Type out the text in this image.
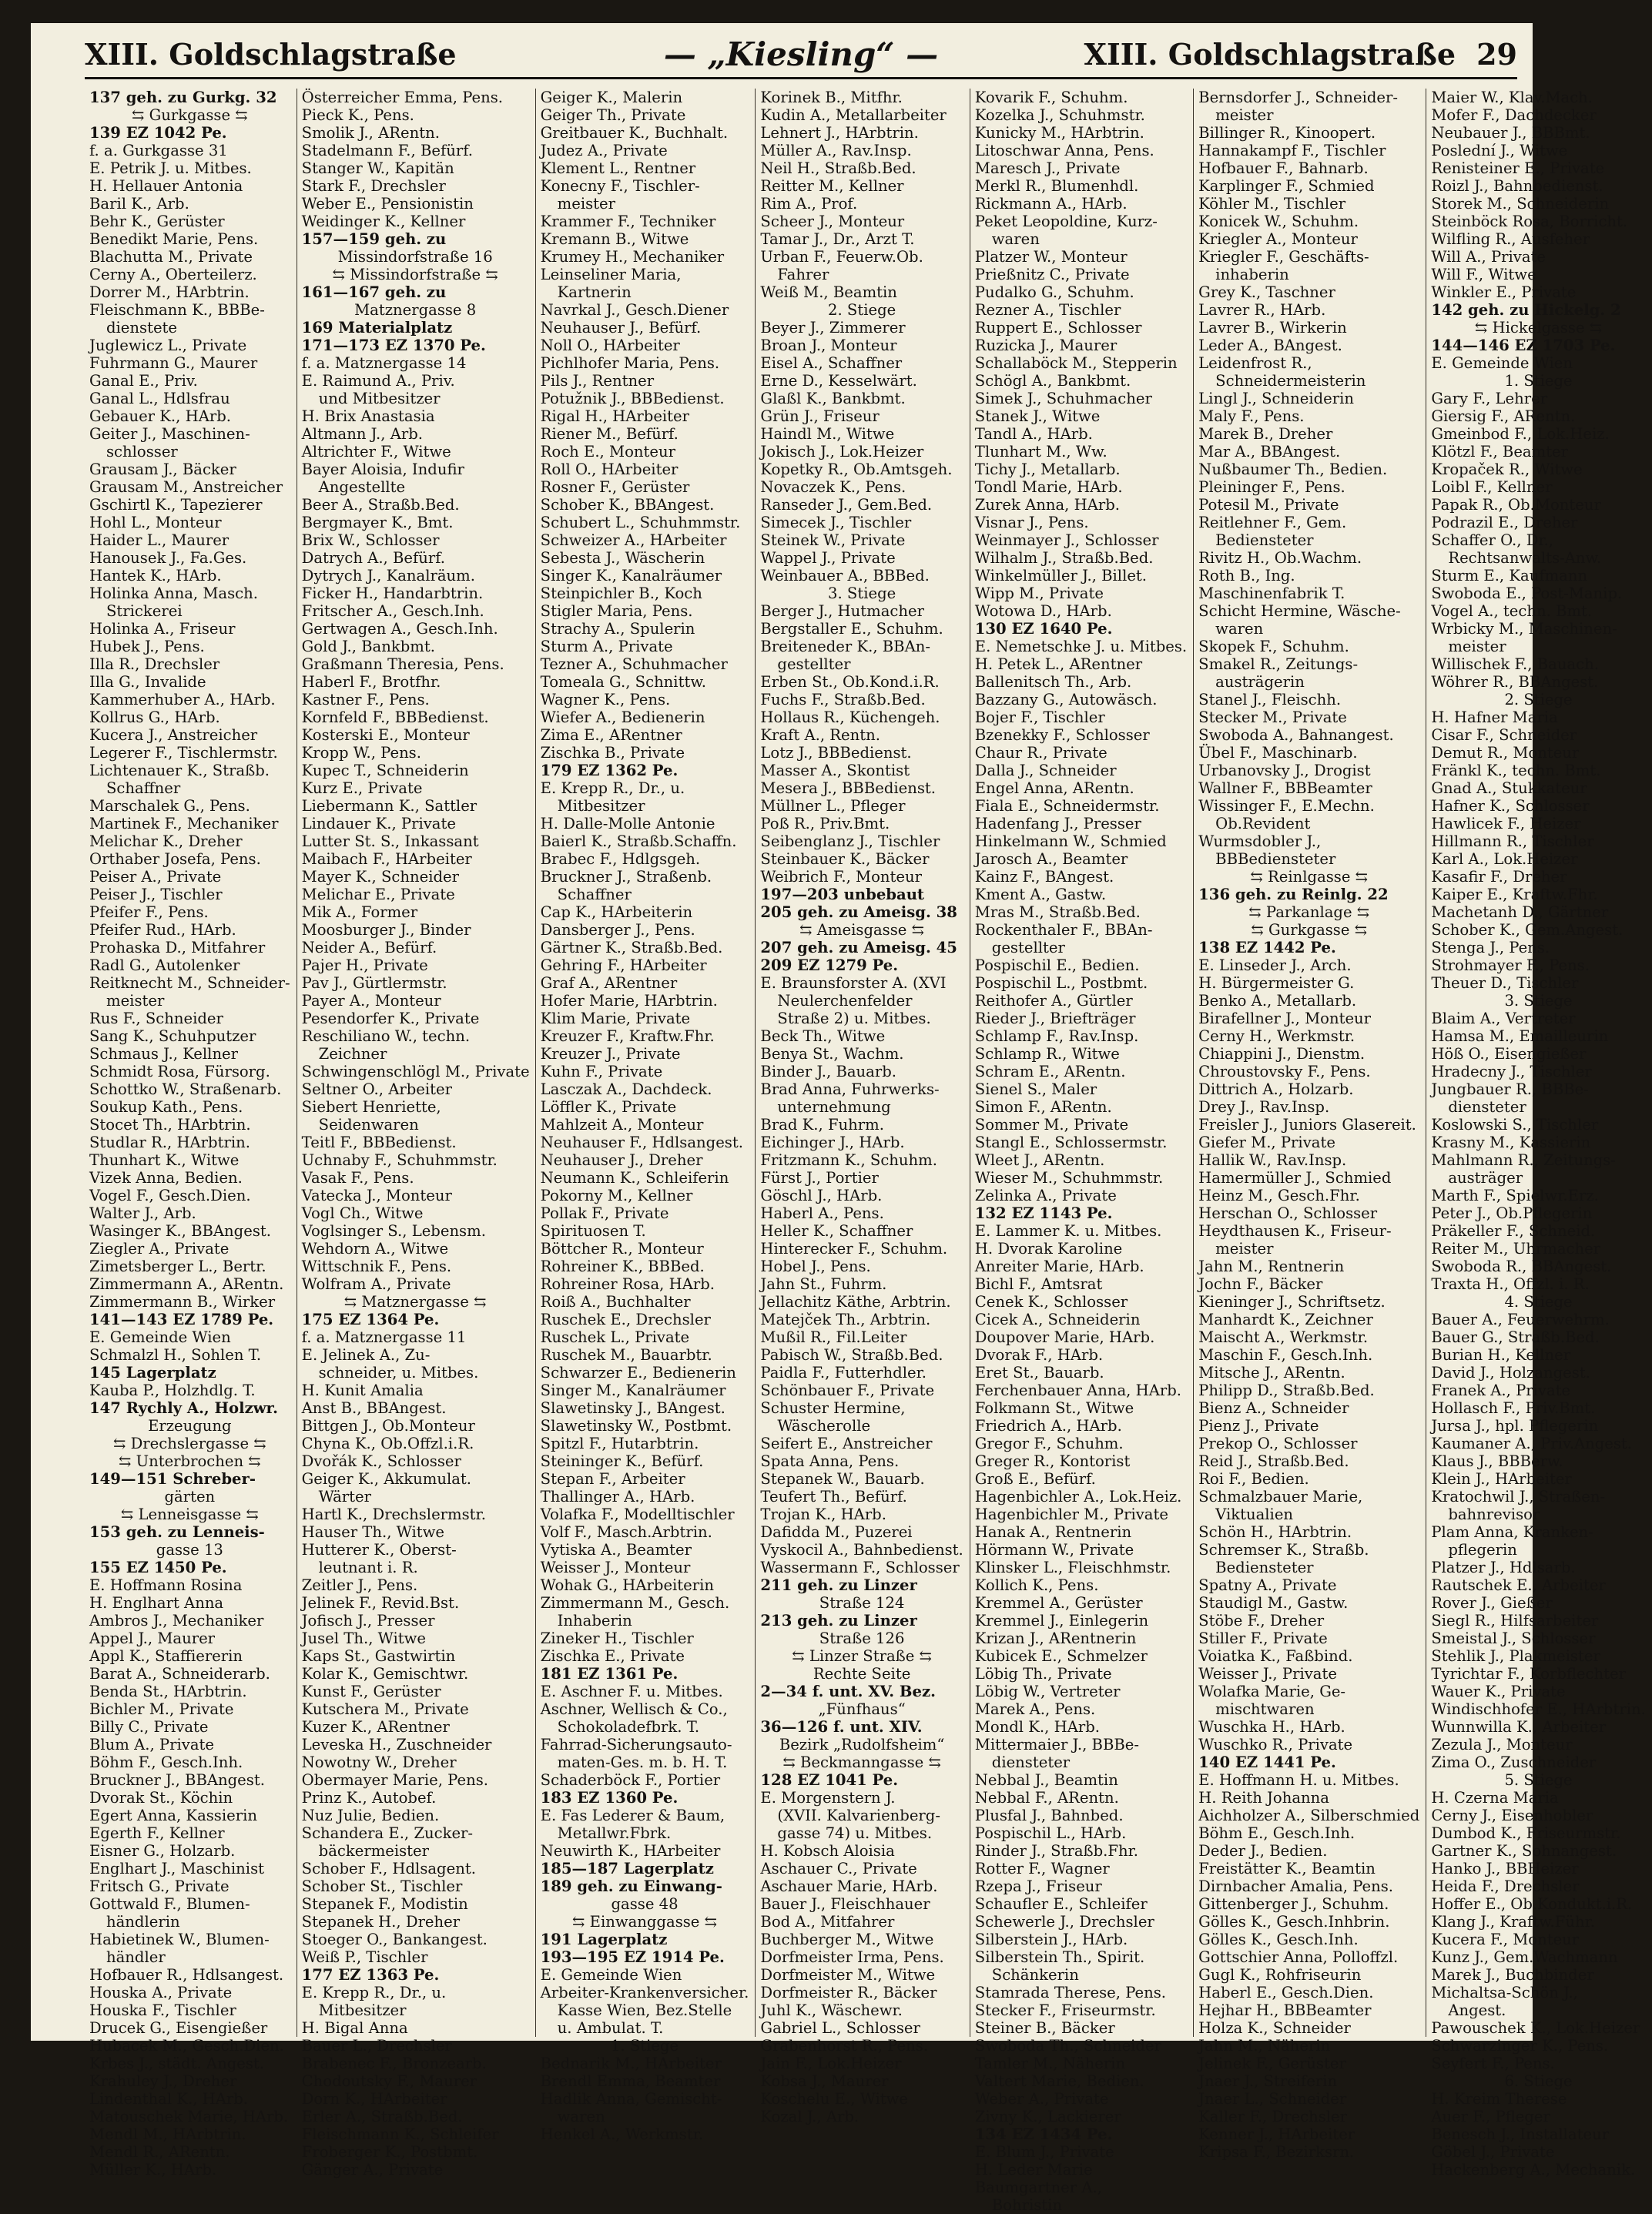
XIII. Goldschlagstraße	— „Kiesling“ —	XIII. Goldschlagstraße 29
137 geh. zu Gurkg. 32
⇆ Gurkgasse ⇆
139 EZ 1042 Pe.
f. a. Gurkgasse 31
E. Petrik J. u. Mitbes.
H. Hellauer Antonia
Baril K., Arb.
Behr K., Gerüster
Benedikt Marie, Pens.
Blachutta M., Private
Cerny A., Oberteilerz.
Dorrer M., HArbtrin.
Fleischmann K., BBBe-
dienstete
Juglewicz L., Private
Fuhrmann G., Maurer
Ganal E., Priv.
Ganal L., Hdlsfrau
Gebauer K., HArb.
Geiter J., Maschinen-
schlosser
Grausam J., Bäcker
Grausam M., Anstreicher
Gschirtl K., Tapezierer
Hohl L., Monteur
Haider L., Maurer
Hanousek J., Fa.Ges.
Hantek K., HArb.
Holinka Anna, Masch.
Strickerei
Holinka A., Friseur
Hubek J., Pens.
Illa R., Drechsler
Illa G., Invalide
Kammerhuber A., HArb.
Kollrus G., HArb.
Kucera J., Anstreicher
Legerer F., Tischlermstr.
Lichtenauer K., Straßb.
Schaffner
Marschalek G., Pens.
Martinek F., Mechaniker
Melichar K., Dreher
Orthaber Josefa, Pens.
Peiser A., Private
Peiser J., Tischler
Pfeifer F., Pens.
Pfeifer Rud., HArb.
Prohaska D., Mitfahrer
Radl G., Autolenker
Reitknecht M., Schneider-
meister
Rus F., Schneider
Sang K., Schuhputzer
Schmaus J., Kellner
Schmidt Rosa, Fürsorg.
Schottko W., Straßenarb.
Soukup Kath., Pens.
Stocet Th., HArbtrin.
Studlar R., HArbtrin.
Thunhart K., Witwe
Vizek Anna, Bedien.
Vogel F., Gesch.Dien.
Walter J., Arb.
Wasinger K., BBAngest.
Ziegler A., Private
Zimetsberger L., Bertr.
Zimmermann A., ARentn.
Zimmermann B., Wirker
141—143 EZ 1789 Pe.
E. Gemeinde Wien
Schmalzl H., Sohlen T.
145 Lagerplatz
Kauba P., Holzhdlg. T.
147 Rychly A., Holzwr.
Erzeugung
⇆ Drechslergasse ⇆
⇆ Unterbrochen ⇆
149—151 Schreber-
gärten
⇆ Lenneisgasse ⇆
153 geh. zu Lenneis-
gasse 13
155 EZ 1450 Pe.
E. Hoffmann Rosina
H. Englhart Anna
Ambros J., Mechaniker
Appel J., Maurer
Appl K., Staffiererin
Barat A., Schneiderarb.
Benda St., HArbtrin.
Bichler M., Private
Billy C., Private
Blum A., Private
Böhm F., Gesch.Inh.
Bruckner J., BBAngest.
Dvorak St., Köchin
Egert Anna, Kassierin
Egerth F., Kellner
Eisner G., Holzarb.
Englhart J., Maschinist
Fritsch G., Private
Gottwald F., Blumen-
händlerin
Habietinek W., Blumen-
händler
Hofbauer R., Hdlsangest.
Houska A., Private
Houska F., Tischler
Drucek G., Eisengießer
Hubacek M., Gesch.Dien.
Krbes J., städt. Angest.
Krahuley J., Dreher
Lindenthal K., HArb.
Matouschek Marie, HArb.
Mendl M., HArbtrin.
Mendl R., ARentn.
Müller K., HArb.
Österreicher Emma, Pens.
Pieck K., Pens.
Smolik J., ARentn.
Stadelmann F., Befürf.
Stanger W., Kapitän
Stark F., Drechsler
Weber E., Pensionistin
Weidinger K., Kellner
157—159 geh. zu
Missindorfstraße 16
⇆ Missindorfstraße ⇆
161—167 geh. zu
Matznergasse 8
169 Materialplatz
171—173 EZ 1370 Pe.
f. a. Matznergasse 14
E. Raimund A., Priv.
und Mitbesitzer
H. Brix Anastasia
Altmann J., Arb.
Altrichter F., Witwe
Bayer Aloisia, Indufir
Angestellte
Beer A., Straßb.Bed.
Bergmayer K., Bmt.
Brix W., Schlosser
Datrych A., Befürf.
Dytrych J., Kanalräum.
Ficker H., Handarbtrin.
Fritscher A., Gesch.Inh.
Gertwagen A., Gesch.Inh.
Gold J., Bankbmt.
Graßmann Theresia, Pens.
Haberl F., Brotfhr.
Kastner F., Pens.
Kornfeld F., BBBedienst.
Kosterski E., Monteur
Kropp W., Pens.
Kupec T., Schneiderin
Kurz E., Private
Liebermann K., Sattler
Lindauer K., Private
Lutter St. S., Inkassant
Maibach F., HArbeiter
Mayer K., Schneider
Melichar E., Private
Mik A., Former
Moosburger J., Binder
Neider A., Befürf.
Pajer H., Private
Pav J., Gürtlermstr.
Payer A., Monteur
Pesendorfer K., Private
Reschiliano W., techn.
Zeichner
Schwingenschlögl M., Private
Seltner O., Arbeiter
Siebert Henriette,
Seidenwaren
Teitl F., BBBedienst.
Uchnaby F., Schuhmmstr.
Vasak F., Pens.
Vatecka J., Monteur
Vogl Ch., Witwe
Voglsinger S., Lebensm.
Wehdorn A., Witwe
Wittschnik F., Pens.
Wolfram A., Private
⇆ Matznergasse ⇆
175 EZ 1364 Pe.
f. a. Matznergasse 11
E. Jelinek A., Zu-
schneider, u. Mitbes.
H. Kunit Amalia
Anst B., BBAngest.
Bittgen J., Ob.Monteur
Chyna K., Ob.Offzl.i.R.
Dvořák K., Schlosser
Geiger K., Akkumulat.
Wärter
Hartl K., Drechslermstr.
Hauser Th., Witwe
Hutterer K., Oberst-
leutnant i. R.
Zeitler J., Pens.
Jelinek F., Revid.Bst.
Jofisch J., Presser
Jusel Th., Witwe
Kaps St., Gastwirtin
Kolar K., Gemischtwr.
Kunst F., Gerüster
Kutschera M., Private
Kuzer K., ARentner
Leveska H., Zuschneider
Nowotny W., Dreher
Obermayer Marie, Pens.
Prinz K., Autobef.
Nuz Julie, Bedien.
Schandera E., Zucker-
bäckermeister
Schober F., Hdlsagent.
Schober St., Tischler
Stepanek F., Modistin
Stepanek H., Dreher
Stoeger O., Bankangest.
Weiß P., Tischler
177 EZ 1363 Pe.
E. Krepp R., Dr., u.
Mitbesitzer
H. Bigal Anna
Bauer L., Drechsler
Brabenec F., Bronzearb.
Chodoutsky F., Maurer
Dorn K., HArbeiter
Erler A., Straßb.Bed.
Fleischmann K., Schleifer
Froberger K., Postbmt.
Gänger A., Private
Geiger K., Malerin
Geiger Th., Private
Greitbauer K., Buchhalt.
Judez A., Private
Klement L., Rentner
Konecny F., Tischler-
meister
Krammer F., Techniker
Kremann B., Witwe
Krumey H., Mechaniker
Leinseliner Maria,
Kartnerin
Navrkal J., Gesch.Diener
Neuhauser J., Befürf.
Noll O., HArbeiter
Pichlhofer Maria, Pens.
Pils J., Rentner
Potužnik J., BBBedienst.
Rigal H., HArbeiter
Riener M., Befürf.
Roch E., Monteur
Roll O., HArbeiter
Rosner F., Gerüster
Schober K., BBAngest.
Schubert L., Schuhmmstr.
Schweizer A., HArbeiter
Sebesta J., Wäscherin
Singer K., Kanalräumer
Steinpichler B., Koch
Stigler Maria, Pens.
Strachy A., Spulerin
Sturm A., Private
Tezner A., Schuhmacher
Tomeala G., Schnittw.
Wagner K., Pens.
Wiefer A., Bedienerin
Zima E., ARentner
Zischka B., Private
179 EZ 1362 Pe.
E. Krepp R., Dr., u.
Mitbesitzer
H. Dalle-Molle Antonie
Baierl K., Straßb.Schaffn.
Brabec F., Hdlgsgeh.
Bruckner J., Straßenb.
Schaffner
Cap K., HArbeiterin
Dansberger J., Pens.
Gärtner K., Straßb.Bed.
Gehring F., HArbeiter
Graf A., ARentner
Hofer Marie, HArbtrin.
Klim Marie, Private
Kreuzer F., Kraftw.Fhr.
Kreuzer J., Private
Kuhn F., Private
Lasczak A., Dachdeck.
Löffler K., Private
Mahlzeit A., Monteur
Neuhauser F., Hdlsangest.
Neuhauser J., Dreher
Neumann K., Schleiferin
Pokorny M., Kellner
Pollak F., Private
Spirituosen T.
Böttcher R., Monteur
Rohreiner K., BBBed.
Rohreiner Rosa, HArb.
Roiß A., Buchhalter
Ruschek E., Drechsler
Ruschek L., Private
Ruschek M., Bauarbtr.
Schwarzer E., Bedienerin
Singer M., Kanalräumer
Slawetinsky J., BAngest.
Slawetinsky W., Postbmt.
Spitzl F., Hutarbtrin.
Steininger K., Befürf.
Stepan F., Arbeiter
Thallinger A., HArb.
Volafka F., Modelltischler
Volf F., Masch.Arbtrin.
Vytiska A., Beamter
Weisser J., Monteur
Wohak G., HArbeiterin
Zimmermann M., Gesch.
Inhaberin
Zineker H., Tischler
Zischka E., Private
181 EZ 1361 Pe.
E. Aschner F. u. Mitbes.
Aschner, Wellisch & Co.,
Schokoladefbrk. T.
Fahrrad-Sicherungsauto-
maten-Ges. m. b. H. T.
Schaderböck F., Portier
183 EZ 1360 Pe.
E. Fas Lederer & Baum,
Metallwr.Fbrk.
Neuwirth K., HArbeiter
185—187 Lagerplatz
189 geh. zu Einwang-
gasse 48
⇆ Einwanggasse ⇆
191 Lagerplatz
193—195 EZ 1914 Pe.
E. Gemeinde Wien
Arbeiter-Krankenversicher.
Kasse Wien, Bez.Stelle
u. Ambulat. T.
1. Stiege
Bednarik M., HArbeiter
Brendl Emma, Beamter
Hadlik Anna, Gemischt-
waren
Henkel A., Werkmstr.
Korinek B., Mitfhr.
Kudin A., Metallarbeiter
Lehnert J., HArbtrin.
Müller A., Rav.Insp.
Neil H., Straßb.Bed.
Reitter M., Kellner
Rim A., Prof.
Scheer J., Monteur
Tamar J., Dr., Arzt T.
Urban F., Feuerw.Ob.
Fahrer
Weiß M., Beamtin
2. Stiege
Beyer J., Zimmerer
Broan J., Monteur
Eisel A., Schaffner
Erne D., Kesselwärt.
Glaßl K., Bankbmt.
Grün J., Friseur
Haindl M., Witwe
Jokisch J., Lok.Heizer
Kopetky R., Ob.Amtsgeh.
Novaczek K., Pens.
Ranseder J., Gem.Bed.
Simecek J., Tischler
Steinek W., Private
Wappel J., Private
Weinbauer A., BBBed.
3. Stiege
Berger J., Hutmacher
Bergstaller E., Schuhm.
Breiteneder K., BBAn-
gestellter
Erben St., Ob.Kond.i.R.
Fuchs F., Straßb.Bed.
Hollaus R., Küchengeh.
Kraft A., Rentn.
Lotz J., BBBedienst.
Masser A., Skontist
Mesera J., BBBedienst.
Müllner L., Pfleger
Poß R., Priv.Bmt.
Seibenglanz J., Tischler
Steinbauer K., Bäcker
Weibrich F., Monteur
197—203 unbebaut
205 geh. zu Ameisg. 38
⇆ Ameisgasse ⇆
207 geh. zu Ameisg. 45
209 EZ 1279 Pe.
E. Braunsforster A. (XVI
Neulerchenfelder
Straße 2) u. Mitbes.
Beck Th., Witwe
Benya St., Wachm.
Binder J., Bauarb.
Brad Anna, Fuhrwerks-
unternehmung
Brad K., Fuhrm.
Eichinger J., HArb.
Fritzmann K., Schuhm.
Fürst J., Portier
Göschl J., HArb.
Haberl A., Pens.
Heller K., Schaffner
Hinterecker F., Schuhm.
Hobel J., Pens.
Jahn St., Fuhrm.
Jellachitz Käthe, Arbtrin.
Matejček Th., Arbtrin.
Mußil R., Fil.Leiter
Pabisch W., Straßb.Bed.
Paidla F., Futterhdler.
Schönbauer F., Private
Schuster Hermine,
Wäscherolle
Seifert E., Anstreicher
Spata Anna, Pens.
Stepanek W., Bauarb.
Teufert Th., Befürf.
Trojan K., HArb.
Dafidda M., Puzerei
Vyskocil A., Bahnbedienst.
Wassermann F., Schlosser
211 geh. zu Linzer
Straße 124
213 geh. zu Linzer
Straße 126
⇆ Linzer Straße ⇆
Rechte Seite
2—34 f. unt. XV. Bez.
„Fünfhaus“
36—126 f. unt. XIV.
Bezirk „Rudolfsheim“
⇆ Beckmanngasse ⇆
128 EZ 1041 Pe.
E. Morgenstern J.
(XVII. Kalvarienberg-
gasse 74) u. Mitbes.
H. Kobsch Aloisia
Aschauer C., Private
Aschauer Marie, HArb.
Bauer J., Fleischhauer
Bod A., Mitfahrer
Buchberger M., Witwe
Dorfmeister Irma, Pens.
Dorfmeister M., Witwe
Dorfmeister R., Bäcker
Juhl K., Wäschewr.
Gabriel L., Schlosser
Grabenhorst R., Pens.
Jain F., Lok.Heizer
Kobsa J., Maurer
Koschelu E., Witwe
Kozal J., Arb.
Kovarik F., Schuhm.
Kozelka J., Schuhmstr.
Kunicky M., HArbtrin.
Litoschwar Anna, Pens.
Maresch J., Private
Merkl R., Blumenhdl.
Rickmann A., HArb.
Peket Leopoldine, Kurz-
waren
Platzer W., Monteur
Prießnitz C., Private
Pudalko G., Schuhm.
Rezner A., Tischler
Ruppert E., Schlosser
Ruzicka J., Maurer
Schallaböck M., Stepperin
Schögl A., Bankbmt.
Simek J., Schuhmacher
Stanek J., Witwe
Tandl A., HArb.
Tlunhart M., Ww.
Tichy J., Metallarb.
Tondl Marie, HArb.
Zurek Anna, HArb.
Visnar J., Pens.
Weinmayer J., Schlosser
Wilhalm J., Straßb.Bed.
Winkelmüller J., Billet.
Wipp M., Private
Wotowa D., HArb.
130 EZ 1640 Pe.
E. Nemetschke J. u. Mitbes.
H. Petek L., ARentner
Ballenitsch Th., Arb.
Bazzany G., Autowäsch.
Bojer F., Tischler
Bzenekky F., Schlosser
Chaur R., Private
Dalla J., Schneider
Engel Anna, ARentn.
Fiala E., Schneidermstr.
Hadenfang J., Presser
Hinkelmann W., Schmied
Jarosch A., Beamter
Kainz F., BAngest.
Kment A., Gastw.
Mras M., Straßb.Bed.
Rockenthaler F., BBAn-
gestellter
Pospischil E., Bedien.
Pospischil L., Postbmt.
Reithofer A., Gürtler
Rieder J., Briefträger
Schlamp F., Rav.Insp.
Schlamp R., Witwe
Schram E., ARentn.
Sienel S., Maler
Simon F., ARentn.
Sommer M., Private
Stangl E., Schlossermstr.
Wleet J., ARentn.
Wieser M., Schuhmmstr.
Zelinka A., Private
132 EZ 1143 Pe.
E. Lammer K. u. Mitbes.
H. Dvorak Karoline
Anreiter Marie, HArb.
Bichl F., Amtsrat
Cenek K., Schlosser
Cicek A., Schneiderin
Doupover Marie, HArb.
Dvorak F., HArb.
Eret St., Bauarb.
Ferchenbauer Anna, HArb.
Folkmann St., Witwe
Friedrich A., HArb.
Gregor F., Schuhm.
Greger R., Kontorist
Groß E., Befürf.
Hagenbichler A., Lok.Heiz.
Hagenbichler M., Private
Hanak A., Rentnerin
Hörmann W., Private
Klinsker L., Fleischhmstr.
Kollich K., Pens.
Kremmel A., Gerüster
Kremmel J., Einlegerin
Krizan J., ARentnerin
Kubicek E., Schmelzer
Löbig Th., Private
Löbig W., Vertreter
Marek A., Pens.
Mondl K., HArb.
Mittermaier J., BBBe-
diensteter
Nebbal J., Beamtin
Nebbal F., ARentn.
Plusfal J., Bahnbed.
Pospischil L., HArb.
Rinder J., Straßb.Fhr.
Rotter F., Wagner
Rzepa J., Friseur
Schaufler E., Schleifer
Schewerle J., Drechsler
Silberstein J., HArb.
Silberstein Th., Spirit.
Schänkerin
Stamrada Therese, Pens.
Stecker F., Friseurmstr.
Steiner B., Bäcker
Swoboda Th., Schneider
Tamler M., Näherin
Valtert Marie, Bedien.
Weber A., Private
Zivny K., Lackierer
134 EZ 1434 Pe.
E. Blum J., Private
H. Leder Marie
Baumgartner A.,
Bohristin
Bernsdorfer J., Schneider-
meister
Billinger R., Kinoopert.
Hannakampf F., Tischler
Hofbauer F., Bahnarb.
Karplinger F., Schmied
Köhler M., Tischler
Konicek W., Schuhm.
Kriegler A., Monteur
Kriegler F., Geschäfts-
inhaberin
Grey K., Taschner
Lavrer R., HArb.
Lavrer B., Wirkerin
Leder A., BAngest.
Leidenfrost R.,
Schneidermeisterin
Lingl J., Schneiderin
Maly F., Pens.
Marek B., Dreher
Mar A., BBAngest.
Nußbaumer Th., Bedien.
Pleininger F., Pens.
Potesil M., Private
Reitlehner F., Gem.
Bediensteter
Rivitz H., Ob.Wachm.
Roth B., Ing.
Maschinenfabrik T.
Schicht Hermine, Wäsche-
waren
Skopek F., Schuhm.
Smakel R., Zeitungs-
austrägerin
Stanel J., Fleischh.
Stecker M., Private
Swoboda A., Bahnangest.
Übel F., Maschinarb.
Urbanovsky J., Drogist
Wallner F., BBBeamter
Wissinger F., E.Mechn.
Ob.Revident
Wurmsdobler J.,
BBBediensteter
⇆ Reinlgasse ⇆
136 geh. zu Reinlg. 22
⇆ Parkanlage ⇆
⇆ Gurkgasse ⇆
138 EZ 1442 Pe.
E. Linseder J., Arch.
H. Bürgermeister G.
Benko A., Metallarb.
Birafellner J., Monteur
Cerny H., Werkmstr.
Chiappini J., Dienstm.
Chroustovsky F., Pens.
Dittrich A., Holzarb.
Drey J., Rav.Insp.
Freisler J., Juniors Glasereit.
Giefer M., Private
Hallik W., Rav.Insp.
Hamermüller J., Schmied
Heinz M., Gesch.Fhr.
Herschan O., Schlosser
Heydthausen K., Friseur-
meister
Jahn M., Rentnerin
Jochn F., Bäcker
Kieninger J., Schriftsetz.
Manhardt K., Zeichner
Maischt A., Werkmstr.
Maschin F., Gesch.Inh.
Mitsche J., ARentn.
Philipp D., Straßb.Bed.
Bienz A., Schneider
Pienz J., Private
Prekop O., Schlosser
Reid J., Straßb.Bed.
Roi F., Bedien.
Schmalzbauer Marie,
Viktualien
Schön H., HArbtrin.
Schremser K., Straßb.
Bediensteter
Spatny A., Private
Staudigl M., Gastw.
Stöbe F., Dreher
Stiller F., Private
Voiatka K., Faßbind.
Weisser J., Private
Wolafka Marie, Ge-
mischtwaren
Wuschka H., HArb.
Wuschko R., Private
140 EZ 1441 Pe.
E. Hoffmann H. u. Mitbes.
H. Reith Johanna
Aichholzer A., Silberschmied
Böhm E., Gesch.Inh.
Deder J., Bedien.
Freistätter K., Beamtin
Dirnbacher Amalia, Pens.
Gittenberger J., Schuhm.
Gölles K., Gesch.Inhbrin.
Gölles K., Gesch.Inh.
Gottschier Anna, Polloffzl.
Gugl K., Rohfriseurin
Haberl E., Gesch.Dien.
Hejhar H., BBBeamter
Holza K., Schneider
Jahn M., Näherin
Jelinek F., Gerüster
Jnaer J., Streiferin
Jnaer L., Schneider
Kaller F., Drechsler
Kenner J., HArbeiter
Kripsa F., Bezirksrn.
Maier W., Klav.Mach.
Mofer F., Dachdecker
Neubauer J., BBBmt.
Poslední J., Witwe
Renisteiner E., Private
Roizl J., Bahnbedienst.
Storek M., Schneiderin
Steinböck Rosa, Borricht.
Wilfling R., Ausfeher
Will A., Private
Will F., Witwe
Winkler E., Private
142 geh. zu Hickelg. 2
⇆ Hickelgasse ⇆
144—146 EZ 1703 Pe.
E. Gemeinde Wien
1. Stiege
Gary F., Lehrer
Giersig F., ARentn.
Gmeinbod F., Lok.Heiz.
Klötzl F., Beamter
Kropaček R., Witwe
Loibl F., Kellner
Papak R., Ob.Monteur
Podrazil E., Dreher
Schaffer O., Dr.,
Rechtsanwalts-Anw.
Sturm E., Kaufmann
Swoboda E., Post-Manip.
Vogel A., techn. Bmt.
Wrbicky M., Maschinen-
meister
Willischek F., Bauach.
Wöhrer R., BBAngest.
2. Stiege
H. Hafner Maria
Cisar F., Schneider
Demut R., Monteur
Fränkl K., techn. Bmt.
Gnad A., Stukkateur
Hafner K., Schlosser
Hawlicek F., Heizer
Hillmann R., Tischler
Karl A., Lok.Heizer
Kasafir F., Dreher
Kaiper E., Kraftw.Fhr.
Machetanh D., Gärtner
Schober K., Gem.Angest.
Stenga J., Pens.
Strohmayer F., Pens.
Theuer D., Tischler
3. Stiege
Blaim A., Vertreter
Hamsa M., Emaillеurin
Höß O., Eisengießer
Hradecny J., Tischler
Jungbauer R., BBBe-
diensteter
Koslowski S., Tischler
Krasny M., Kassierin
Mahlmann R., Zeitungs-
austräger
Marth F., Spielwr.Erz.
Peter J., Ob.Pflegerin
Präkeller F., Schneid.
Reiter M., Uhrmacher
Swoboda R., BBAngest.
Traxta H., Offzl. i. R.
4. Stiege
Bauer A., Feuerwehrm.
Bauer G., Straßb.Bed.
Burian H., Kellner
David J., Holzangest.
Franek A., Private
Hollasch F., Priv.Bmt.
Jursa J., hpl. Pflegerin
Kaumaner A., Priv.Angest.
Klaus J., BBBerw.
Klein J., HArbeiter
Kratochwil J., Straßen-
bahnrevisor
Plam Anna, Kranken-
pflegerin
Platzer J., Hdlsarb.
Rautschek E., Arbeiter
Rover J., Gießer
Siegl R., Hilfsarbeiter
Smeistal J., Schlosser
Stehlik J., Plakmeister
Tyrichtar F., Korbflechter
Wauer K., Private
Windischhofer E., HArbtrin.
Wunnwilla K., Arbeiter
Zezula J., Monteur
Zima O., Zuschneider
5. Stiege
H. Czerna Maria
Cerny J., Eisenhobler
Dumbod K., Friseurmstr.
Gartner K., Sohnangest.
Hanko J., BBHeizer
Heida F., Drechsler
Hoffer E., Ob.Kondukt.i.R.
Klang J., Kraftw.Führ.
Kucera F., Monteur
Kunz J., Gem.Wachmann
Marek J., Buchbinder
Michaltsa-Schön J.,
Angest.
Pawouschek K., Lok.Heizer
Schwarzinger K., Pens.
Seyfert F., Pens.
6. Stiege
H. Kreim Therese
Auer F., Pfleger
Benesch J., Installateur
Göbel J., Private
Hackenberg A., Mechanik.
